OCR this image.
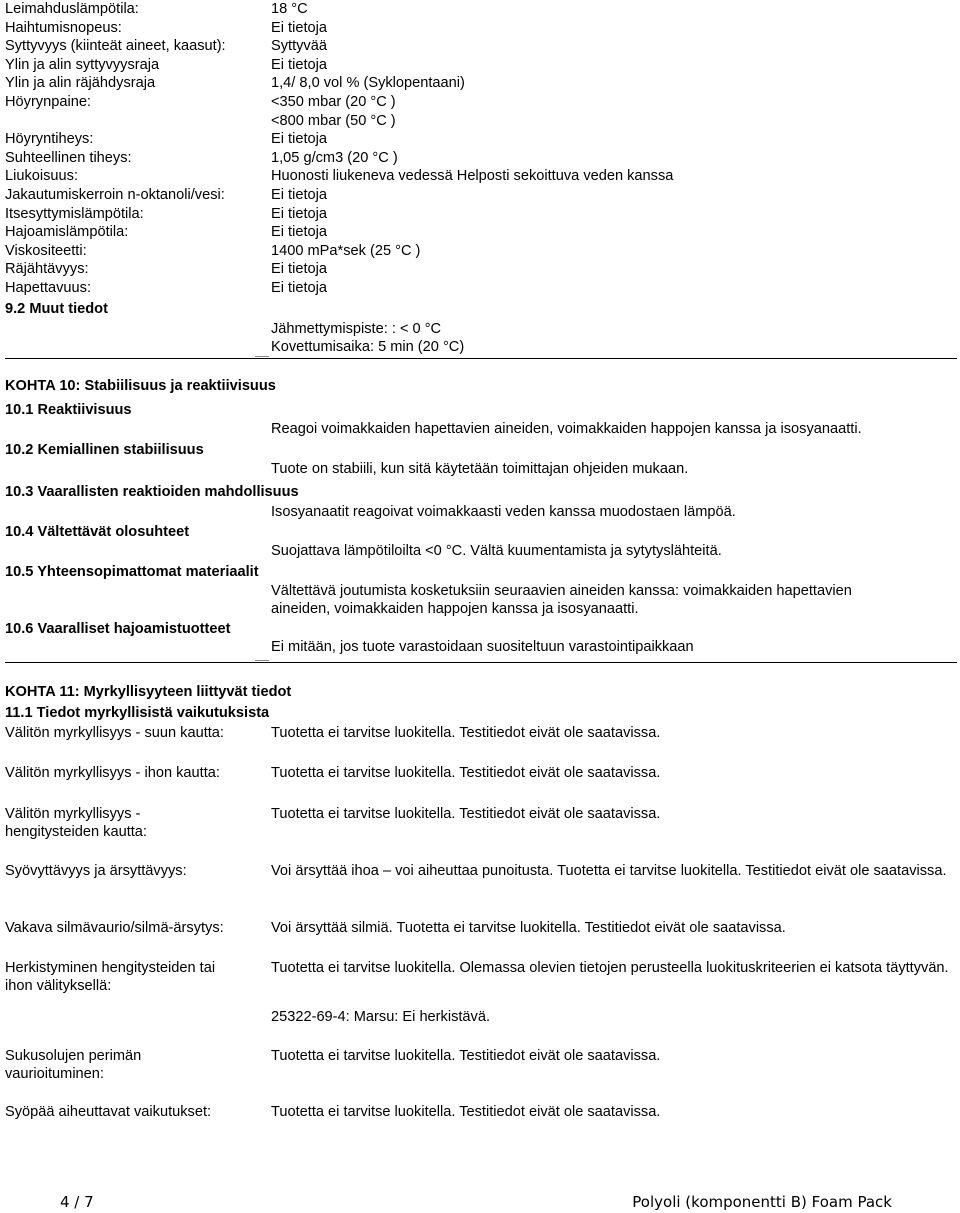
Leimahduslämpötila:	18 °C
Haihtumisnopeus:	Ei tietoja
Syttyvyys (kiinteät aineet, kaasut):	Syttyvää
Ylin ja alin syttyvyysraja	Ei tietoja
Ylin ja alin räjähdysraja	1,4/ 8,0 vol % (Syklopentaani)
Höyrynpaine:	<350 mbar (20 °C )
<800 mbar (50 °C )
Höyryntiheys:	Ei tietoja
Suhteellinen tiheys:	1,05 g/cm3 (20 °C )
Liukoisuus:	Huonosti liukeneva vedessä Helposti sekoittuva veden kanssa
Jakautumiskerroin n-oktanoli/vesi:	Ei tietoja
Itsesyttymislämpötila:	Ei tietoja
Hajoamislämpötila:	Ei tietoja
Viskositeetti:	1400 mPa*sek (25 °C )
Räjähtävyys:	Ei tietoja
Hapettavuus:	Ei tietoja
9.2 Muut tiedot
Jähmettymispiste: : < 0 °C
Kovettumisaika: 5 min (20 °C)
KOHTA 10: Stabiilisuus ja reaktiivisuus
10.1 Reaktiivisuus
Reagoi voimakkaiden hapettavien aineiden, voimakkaiden happojen kanssa ja isosyanaatti.
10.2 Kemiallinen stabiilisuus
Tuote on stabiili, kun sitä käytetään toimittajan ohjeiden mukaan.
10.3 Vaarallisten reaktioiden mahdollisuus
Isosyanaatit reagoivat voimakkaasti veden kanssa muodostaen lämpöä.
10.4 Vältettävät olosuhteet
Suojattava lämpötiloilta <0 °C. Vältä kuumentamista ja sytytyslähteitä.
10.5 Yhteensopimattomat materiaalit
Vältettävä joutumista kosketuksiin seuraavien aineiden kanssa: voimakkaiden hapettavien
aineiden, voimakkaiden happojen kanssa ja isosyanaatti.
10.6 Vaaralliset hajoamistuotteet
Ei mitään, jos tuote varastoidaan suositeltuun varastointipaikkaan
KOHTA 11: Myrkyllisyyteen liittyvät tiedot
11.1 Tiedot myrkyllisistä vaikutuksista
Välitön myrkyllisyys - suun kautta:	Tuotetta ei tarvitse luokitella. Testitiedot eivät ole saatavissa.
Välitön myrkyllisyys - ihon kautta:	Tuotetta ei tarvitse luokitella. Testitiedot eivät ole saatavissa.
Välitön myrkyllisyys - hengitysteiden kautta:
Tuotetta ei tarvitse luokitella. Testitiedot eivät ole saatavissa.
Syövyttävyys ja ärsyttävyys:	Voi ärsyttää ihoa – voi aiheuttaa punoitusta. Tuotetta ei tarvitse luokitella. Testitiedot eivät ole saatavissa.
Vakava silmävaurio/silmä-ärsytys:	Voi ärsyttää silmiä. Tuotetta ei tarvitse luokitella. Testitiedot eivät ole saatavissa.
Herkistyminen hengitysteiden tai ihon välityksellä:
Tuotetta ei tarvitse luokitella. Olemassa olevien tietojen perusteella luokituskriteerien ei katsota täyttyvän.
25322-69-4: Marsu: Ei herkistävä.
Sukusolujen perimän vaurioituminen:
Tuotetta ei tarvitse luokitella. Testitiedot eivät ole saatavissa.
Syöpää aiheuttavat vaikutukset:	Tuotetta ei tarvitse luokitella. Testitiedot eivät ole saatavissa.
4 / 7	Polyoli (komponentti B) Foam Pack
